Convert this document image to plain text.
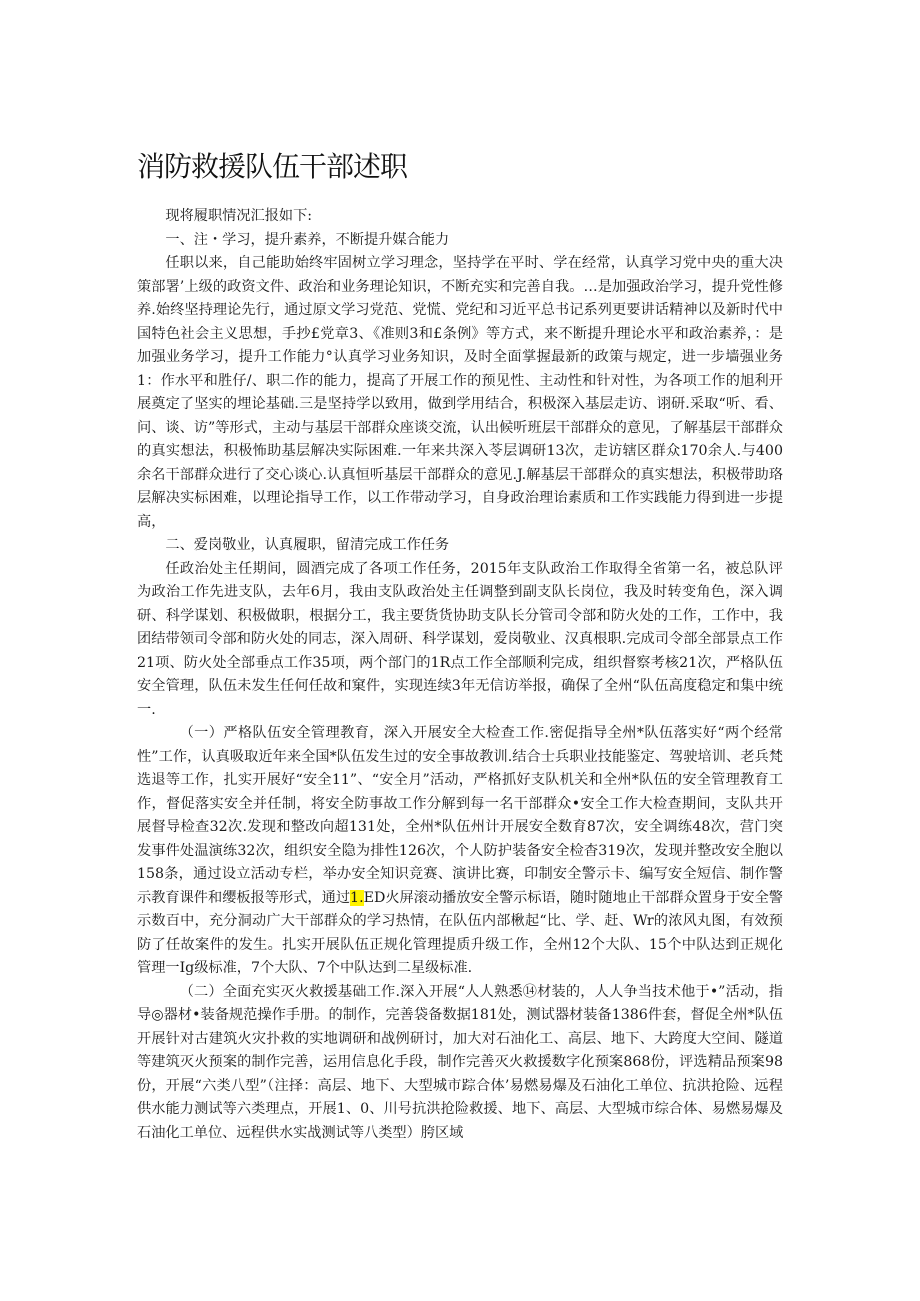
消防救援队伍干部述职

现将履职情况汇报如下:

一、注・学习，提升素养，不断提升媒合能力

任职以来，自己能助始终牢固树立学习理念，坚持学在平时、学在经常，认真学习党中央的重大决策部署’上级的政资文件、政治和业务理论知识，不断充实和完善自我。…是加强政治学习，提升党性修养.始终坚持理论先行，通过原文学习党范、党慌、党纪和习近平总书记系列更要讲话精神以及新时代中国特色社会主义思想，手抄£党章3、《准则3和£条例》等方式，来不断提升理论水平和政治素养，：是加强业务学习，提升工作能力°认真学习业务知识，及时全面掌握最新的政策与规定，进一步墙强业务1：作水平和胜仔/、职二作的能力，提高了开展工作的预见性、主动性和针对性，为各项工作的旭利开展奠定了坚实的埋论基础.三是坚持学以致用，做到学用结合，积极深入基层走访、诩研.采取“听、看、问、谈、访”等形式，主动与基层干部群众座谈交流，认出候听班层干部群众的意见，了解基层干部群众的真实想法，积极怖助基层解决实际困难.一年来共深入苓层调研13次，走访辖区群众170余人.与400余名干部群众进行了交心谈心.认真恒听基层干部群众的意见.J.解基层干部群众的真实想法，积极带助珞层解决实标困难，以理论指导工作，以工作带动学习，自身政治理诒素质和工作实践能力得到进一步提高，

二、爱岗敬业，认真履职，留清完成工作任务

任政治处主任期间，圆酒完成了各项工作任务，2015年支队政治工作取得全省第一名，被总队评为政治工作先进支队，去年6月，我由支队政治处主任调整到副支队长岗位，我及时转变角色，深入调研、科学谋划、积极做职，根据分工，我主要货货协助支队长分管司令部和防火处的工作，工作中，我团结带领司令部和防火处的同志，深入周研、科学谋划，爱岗敬业、汉真根职.完成司令部全部景点工作21项、防火处全部垂点工作35项，两个部门的1R点工作全部顺利完成，组织督察考核21次，严格队伍安全管理，队伍未发生任何任故和窠件，实现连续3年无信访举报，确保了全州“队伍高度稳定和集中统一.

（一）严格队伍安全管理教育，深入开展安全大检查工作.密促指导全州*队伍落实好“两个经常性”工作，认真吸取近年来全国*队伍发生过的安全事故教训.结合士兵职业技能鉴定、驾驶培训、老兵梵选退等工作，扎实开展好“安全11”、“安全月”活动，严格抓好支队机关和全州*队伍的安全管理教育工作，督促落实安全并任制，将安全防事故工作分解到每一名干部群众•安全工作大检查期间，支队共开展督导检查32次.发现和整改向超131处，全州*队伍州计开展安全数育87次，安全调练48次，营门突发事件处温演练32次，组织安全隐为排性126次，个人防护装备安全检杳319次，发现并整改安全胞以158条，通过设立活动专栏，举办安全知识竞赛、演讲比赛，印制安全警示卡、编写安全短信、制作警示教育课件和缨板报等形式，通过1.ED火屏滚动播放安全警示标语，随时随地止干部群众置身于安全警示数百中，充分洞动广大干部群众的学习热情，在队伍内部楸起“比、学、赶、Wr的浓风丸图，有效预防了任故案件的发生。扎实开展队伍正规化管理提质升级工作，全州12个大队、15个中队达到正规化管理一Ig级标准，7个大队、7个中队达到二星级标准.

（二）全面充实灭火救援基础工作.深入开展“人人熟悉⑭材装的，人人争当技术他于•”活动，指导◎器材•装备规范操作手册。的制作，完善袋备数据181处，测试器材装备1386件套，督促全州*队伍开展针对古建筑火灾扑救的实地调研和战例研讨，加大对石油化工、高层、地下、大跨度大空间、隧道等建筑灭火预案的制作完善，运用信息化手段，制作完善灭火救援数字化预案868份，评选精品预案98份，开展“六类八型”（注择：高层、地下、大型城市踪合体’易燃易爆及石油化工单位、抗洪抢险、远程供水能力测试等六类理点，开展1、0、川号抗洪抢险救援、地下、高层、大型城市综合体、易燃易爆及石油化工单位、远程供水实战测试等八类型）胯区域
